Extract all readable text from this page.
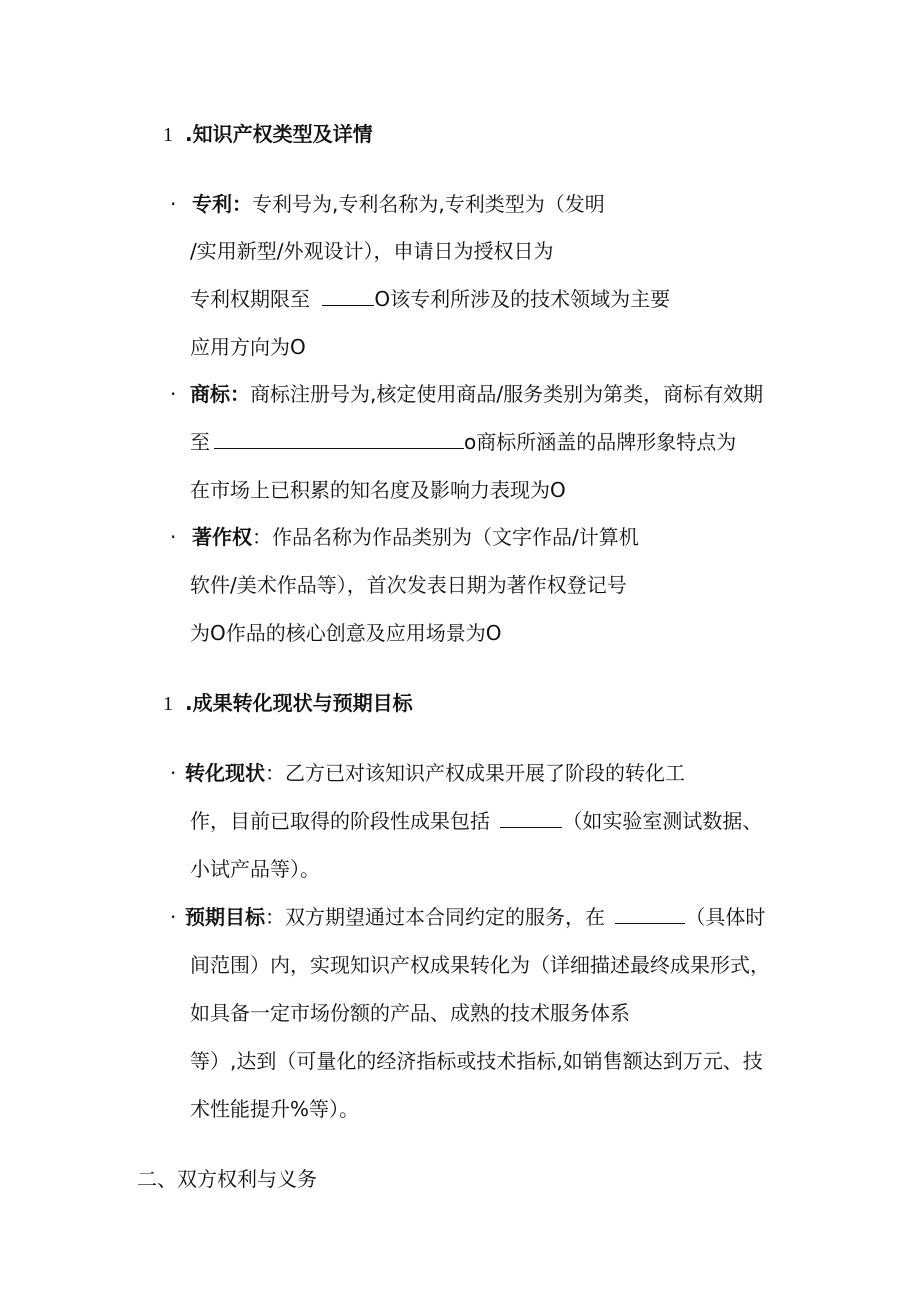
1 .知识产权类型及详情
· 专利：专利号为,专利名称为,专利类型为（发明
/实用新型/外观设计），申请日为授权日为
专利权期限至	O该专利所涉及的技术领域为主要
应用方向为O
· 商标：商标注册号为,核定使用商品/服务类别为第类，商标有效期
至	o商标所涵盖的品牌形象特点为
在市场上已积累的知名度及影响力表现为O
· 著作权：作品名称为作品类别为（文字作品/计算机
软件/美术作品等），首次发表日期为著作权登记号
为O作品的核心创意及应用场景为O
1 .成果转化现状与预期目标
· 转化现状：乙方已对该知识产权成果开展了阶段的转化工
作，目前已取得的阶段性成果包括	（如实验室测试数据、
小试产品等）。
· 预期目标：双方期望通过本合同约定的服务，在	（具体时
间范围）内，实现知识产权成果转化为（详细描述最终成果形式，
如具备一定市场份额的产品、成熟的技术服务体系
等）,达到（可量化的经济指标或技术指标,如销售额达到万元、技
术性能提升%等）。
二、双方权利与义务
